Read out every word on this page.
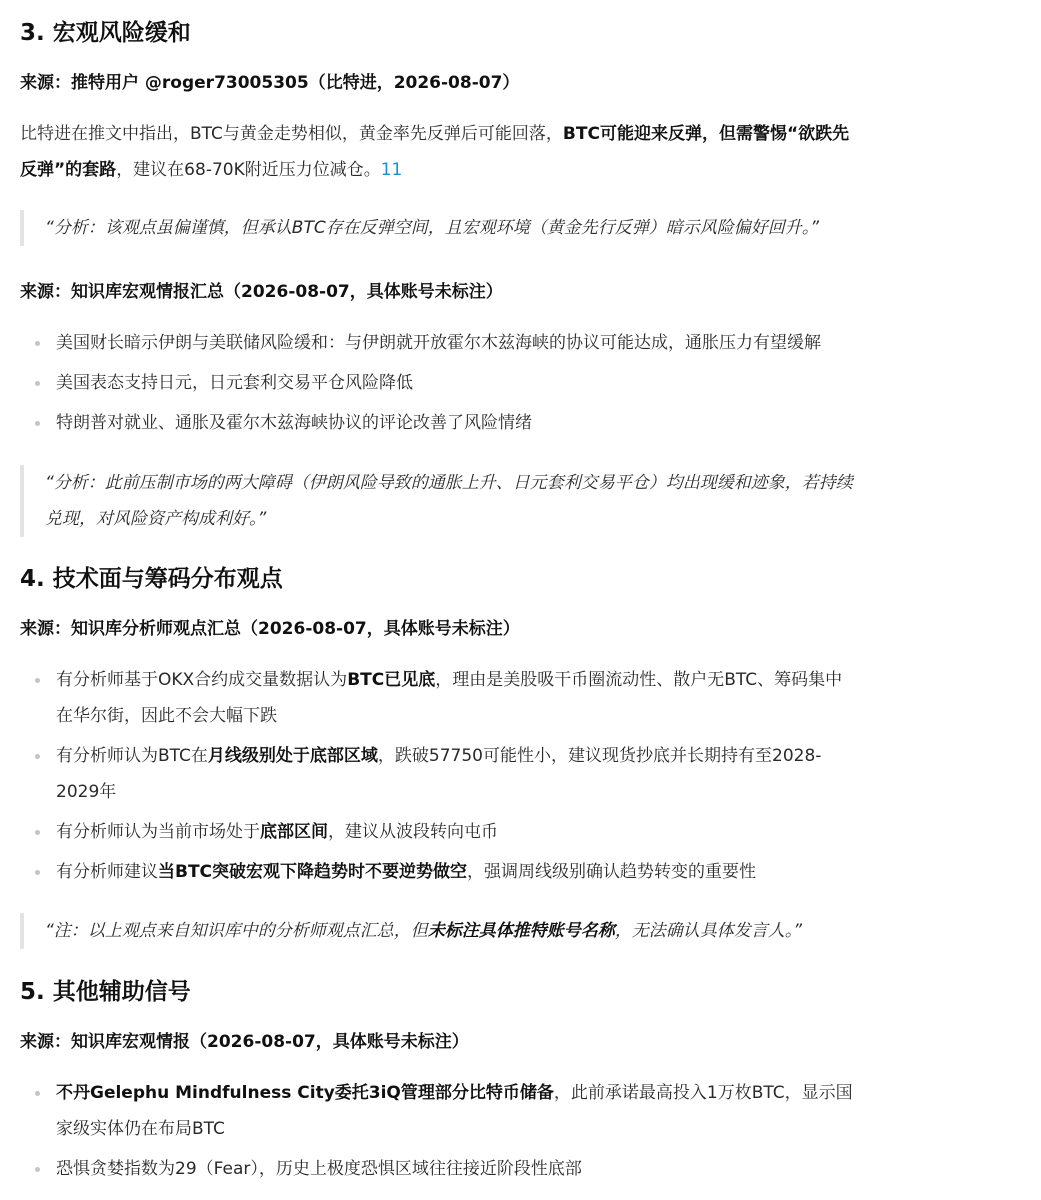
3. 宏观风险缓和
来源：推特用户 @roger73005305（比特进，2026-08-07）

比特进在推文中指出，BTC与黄金走势相似，黄金率先反弹后可能回落，BTC可能迎来反弹，但需警惕“欲跌先反弹”的套路，建议在68-70K附近压力位减仓。11

“分析：该观点虽偏谨慎，但承认BTC存在反弹空间，且宏观环境（黄金先行反弹）暗示风险偏好回升。”
来源：知识库宏观情报汇总（2026-08-07，具体账号未标注）
美国财长暗示伊朗与美联储风险缓和：与伊朗就开放霍尔木兹海峡的协议可能达成，通胀压力有望缓解
美国表态支持日元，日元套利交易平仓风险降低
特朗普对就业、通胀及霍尔木兹海峡协议的评论改善了风险情绪
“分析：此前压制市场的两大障碍（伊朗风险导致的通胀上升、日元套利交易平仓）均出现缓和迹象，若持续兑现，对风险资产构成利好。”
4. 技术面与筹码分布观点
来源：知识库分析师观点汇总（2026-08-07，具体账号未标注）
有分析师基于OKX合约成交量数据认为BTC已见底，理由是美股吸干币圈流动性、散户无BTC、筹码集中在华尔街，因此不会大幅下跌
有分析师认为BTC在月线级别处于底部区域，跌破57750可能性小，建议现货抄底并长期持有至2028-2029年
有分析师认为当前市场处于底部区间，建议从波段转向屯币
有分析师建议当BTC突破宏观下降趋势时不要逆势做空，强调周线级别确认趋势转变的重要性
“注：以上观点来自知识库中的分析师观点汇总，但未标注具体推特账号名称，无法确认具体发言人。”
5. 其他辅助信号
来源：知识库宏观情报（2026-08-07，具体账号未标注）
不丹Gelephu Mindfulness City委托3iQ管理部分比特币储备，此前承诺最高投入1万枚BTC，显示国家级实体仍在布局BTC
恐惧贪婪指数为29（Fear），历史上极度恐惧区域往往接近阶段性底部
